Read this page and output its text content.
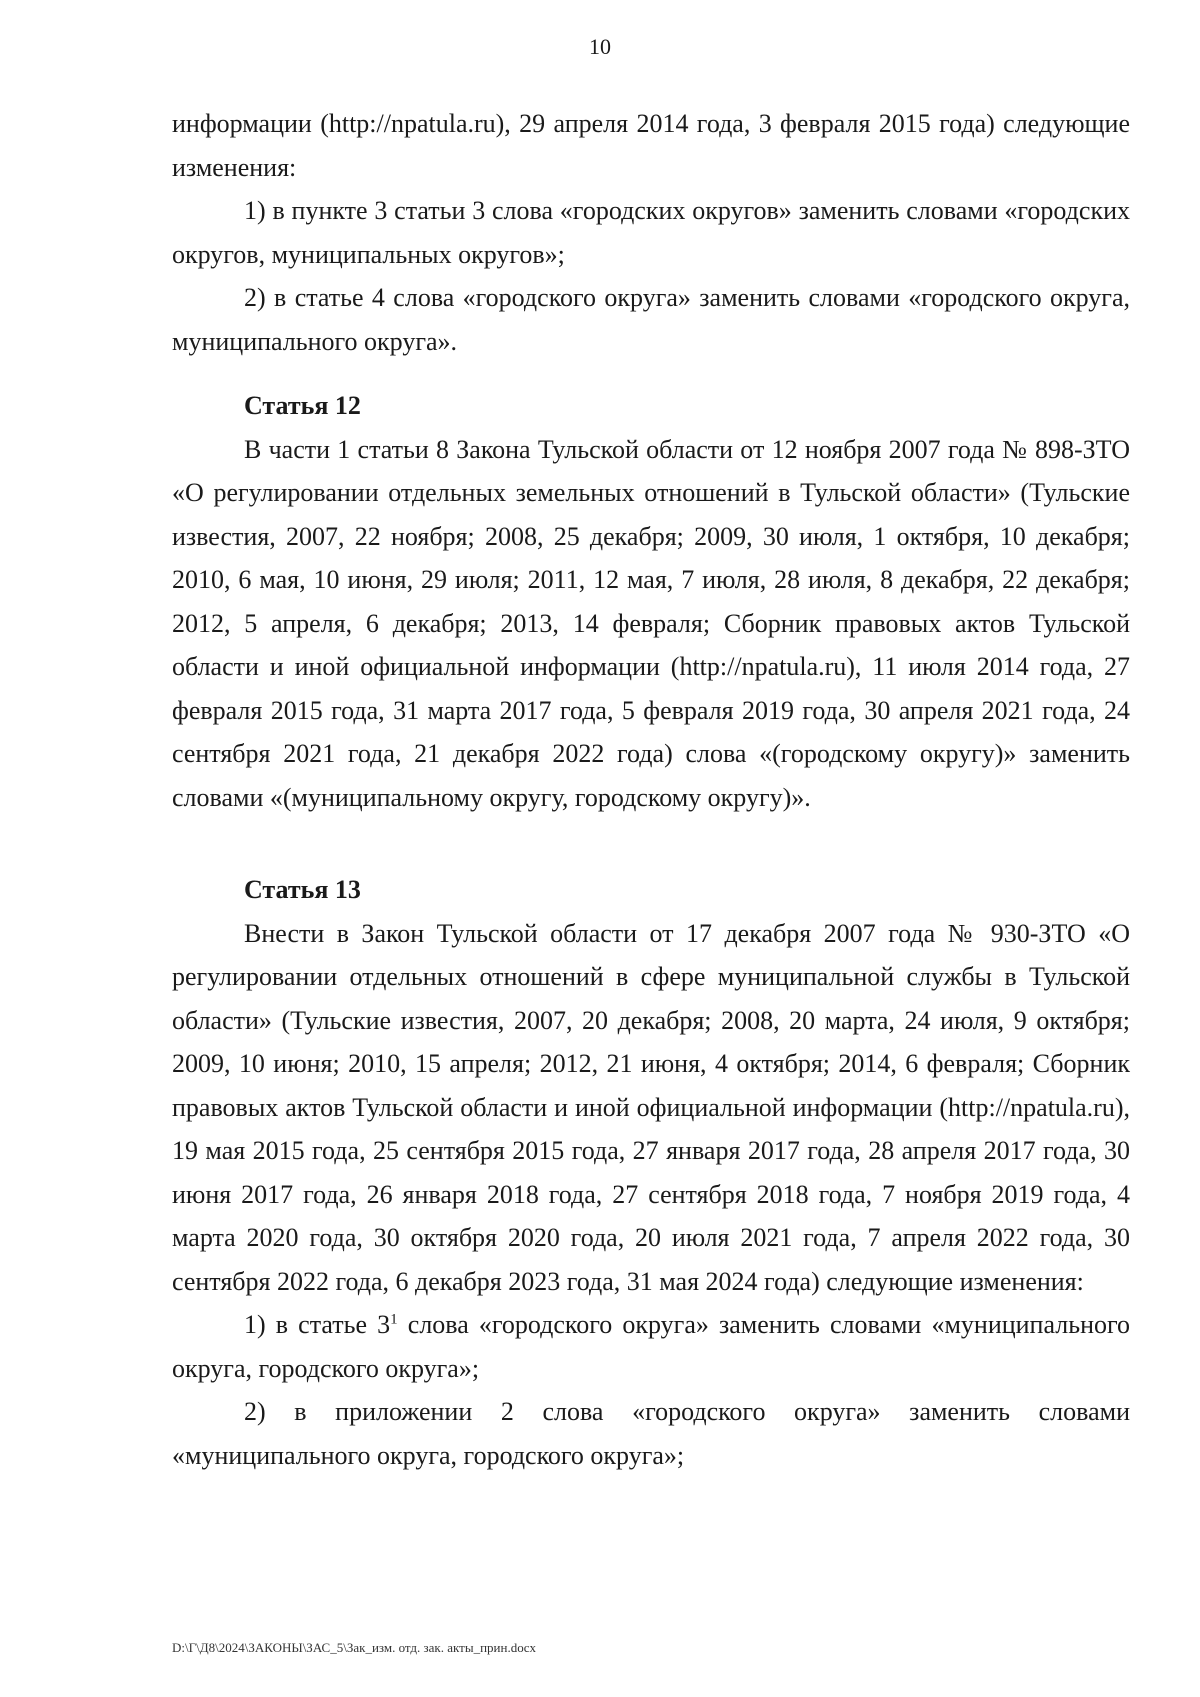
10

информации (http://npatula.ru), 29 апреля 2014 года, 3 февраля 2015 года) следующие изменения:

1) в пункте 3 статьи 3 слова «городских округов» заменить словами «городских округов, муниципальных округов»;

2) в статье 4 слова «городского округа» заменить словами «городского округа, муниципального округа».

Статья 12

В части 1 статьи 8 Закона Тульской области от 12 ноября 2007 года № 898-ЗТО «О регулировании отдельных земельных отношений в Тульской области» (Тульские известия, 2007, 22 ноября; 2008, 25 декабря; 2009, 30 июля, 1 октября, 10 декабря; 2010, 6 мая, 10 июня, 29 июля; 2011, 12 мая, 7 июля, 28 июля, 8 декабря, 22 декабря; 2012, 5 апреля, 6 декабря; 2013, 14 февраля; Сборник правовых актов Тульской области и иной официальной информации (http://npatula.ru), 11 июля 2014 года, 27 февраля 2015 года, 31 марта 2017 года, 5 февраля 2019 года, 30 апреля 2021 года, 24 сентября 2021 года, 21 декабря 2022 года) слова «(городскому округу)» заменить словами «(муниципальному округу, городскому округу)».

Статья 13

Внести в Закон Тульской области от 17 декабря 2007 года № 930-ЗТО «О регулировании отдельных отношений в сфере муниципальной службы в Тульской области» (Тульские известия, 2007, 20 декабря; 2008, 20 марта, 24 июля, 9 октября; 2009, 10 июня; 2010, 15 апреля; 2012, 21 июня, 4 октября; 2014, 6 февраля; Сборник правовых актов Тульской области и иной официальной информации (http://npatula.ru), 19 мая 2015 года, 25 сентября 2015 года, 27 января 2017 года, 28 апреля 2017 года, 30 июня 2017 года, 26 января 2018 года, 27 сентября 2018 года, 7 ноября 2019 года, 4 марта 2020 года, 30 октября 2020 года, 20 июля 2021 года, 7 апреля 2022 года, 30 сентября 2022 года, 6 декабря 2023 года, 31 мая 2024 года) следующие изменения:

1) в статье $3^1$ слова «городского округа» заменить словами «муниципального округа, городского округа»;

2) в приложении 2 слова «городского округа» заменить словами «муниципального округа, городского округа»;

D:\Г\Д8\2024\ЗАКОНЫ\ЗАС_5\Зак_изм. отд. зак. акты_прин.docx
